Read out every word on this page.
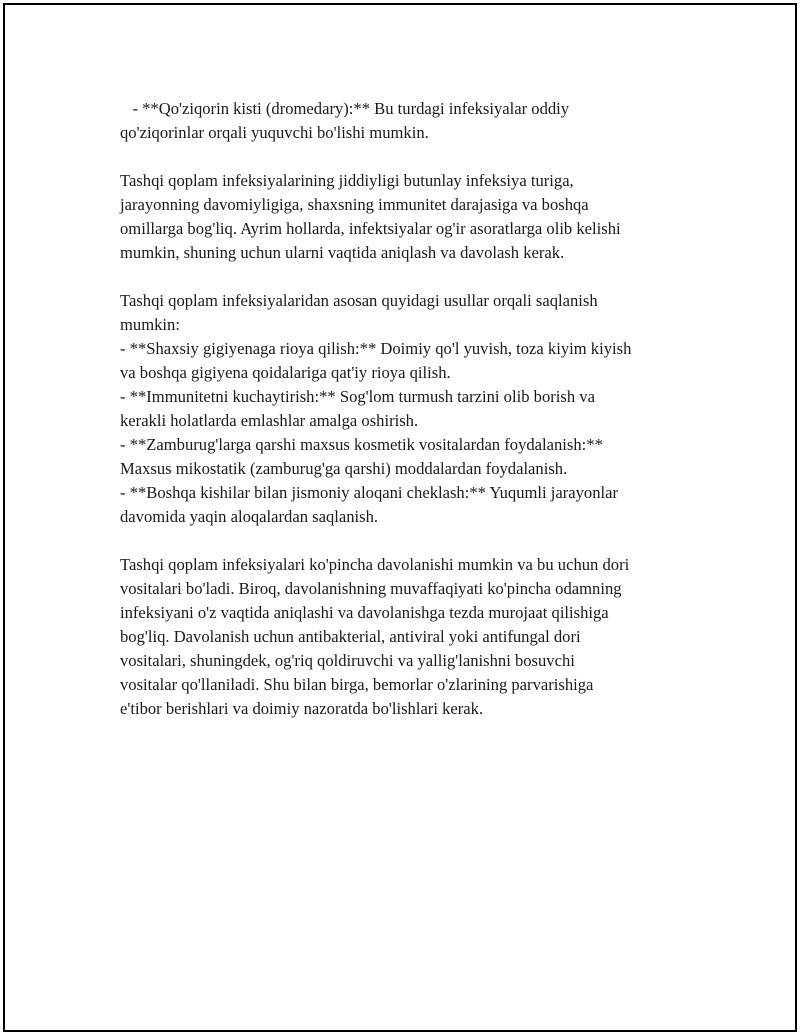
- **Qo'ziqorin kisti (dromedary):** Bu turdagi infeksiyalar oddiy
qo'ziqorinlar orqali yuquvchi bo'lishi mumkin.
Tashqi qoplam infeksiyalarining jiddiyligi butunlay infeksiya turiga,
jarayonning davomiyligiga, shaxsning immunitet darajasiga va boshqa
omillarga bog'liq. Ayrim hollarda, infektsiyalar og'ir asoratlarga olib kelishi
mumkin, shuning uchun ularni vaqtida aniqlash va davolash kerak.
Tashqi qoplam infeksiyalaridan asosan quyidagi usullar orqali saqlanish
mumkin:
- **Shaxsiy gigiyenaga rioya qilish:** Doimiy qo'l yuvish, toza kiyim kiyish
va boshqa gigiyena qoidalariga qat'iy rioya qilish.
- **Immunitetni kuchaytirish:** Sog'lom turmush tarzini olib borish va
kerakli holatlarda emlashlar amalga oshirish.
- **Zamburug'larga qarshi maxsus kosmetik vositalardan foydalanish:**
Maxsus mikostatik (zamburug'ga qarshi) moddalardan foydalanish.
- **Boshqa kishilar bilan jismoniy aloqani cheklash:** Yuqumli jarayonlar
davomida yaqin aloqalardan saqlanish.
Tashqi qoplam infeksiyalari ko'pincha davolanishi mumkin va bu uchun dori
vositalari bo'ladi. Biroq, davolanishning muvaffaqiyati ko'pincha odamning
infeksiyani o'z vaqtida aniqlashi va davolanishga tezda murojaat qilishiga
bog'liq. Davolanish uchun antibakterial, antiviral yoki antifungal dori
vositalari, shuningdek, og'riq qoldiruvchi va yallig'lanishni bosuvchi
vositalar qo'llaniladi. Shu bilan birga, bemorlar o'zlarining parvarishiga
e'tibor berishlari va doimiy nazoratda bo'lishlari kerak.
